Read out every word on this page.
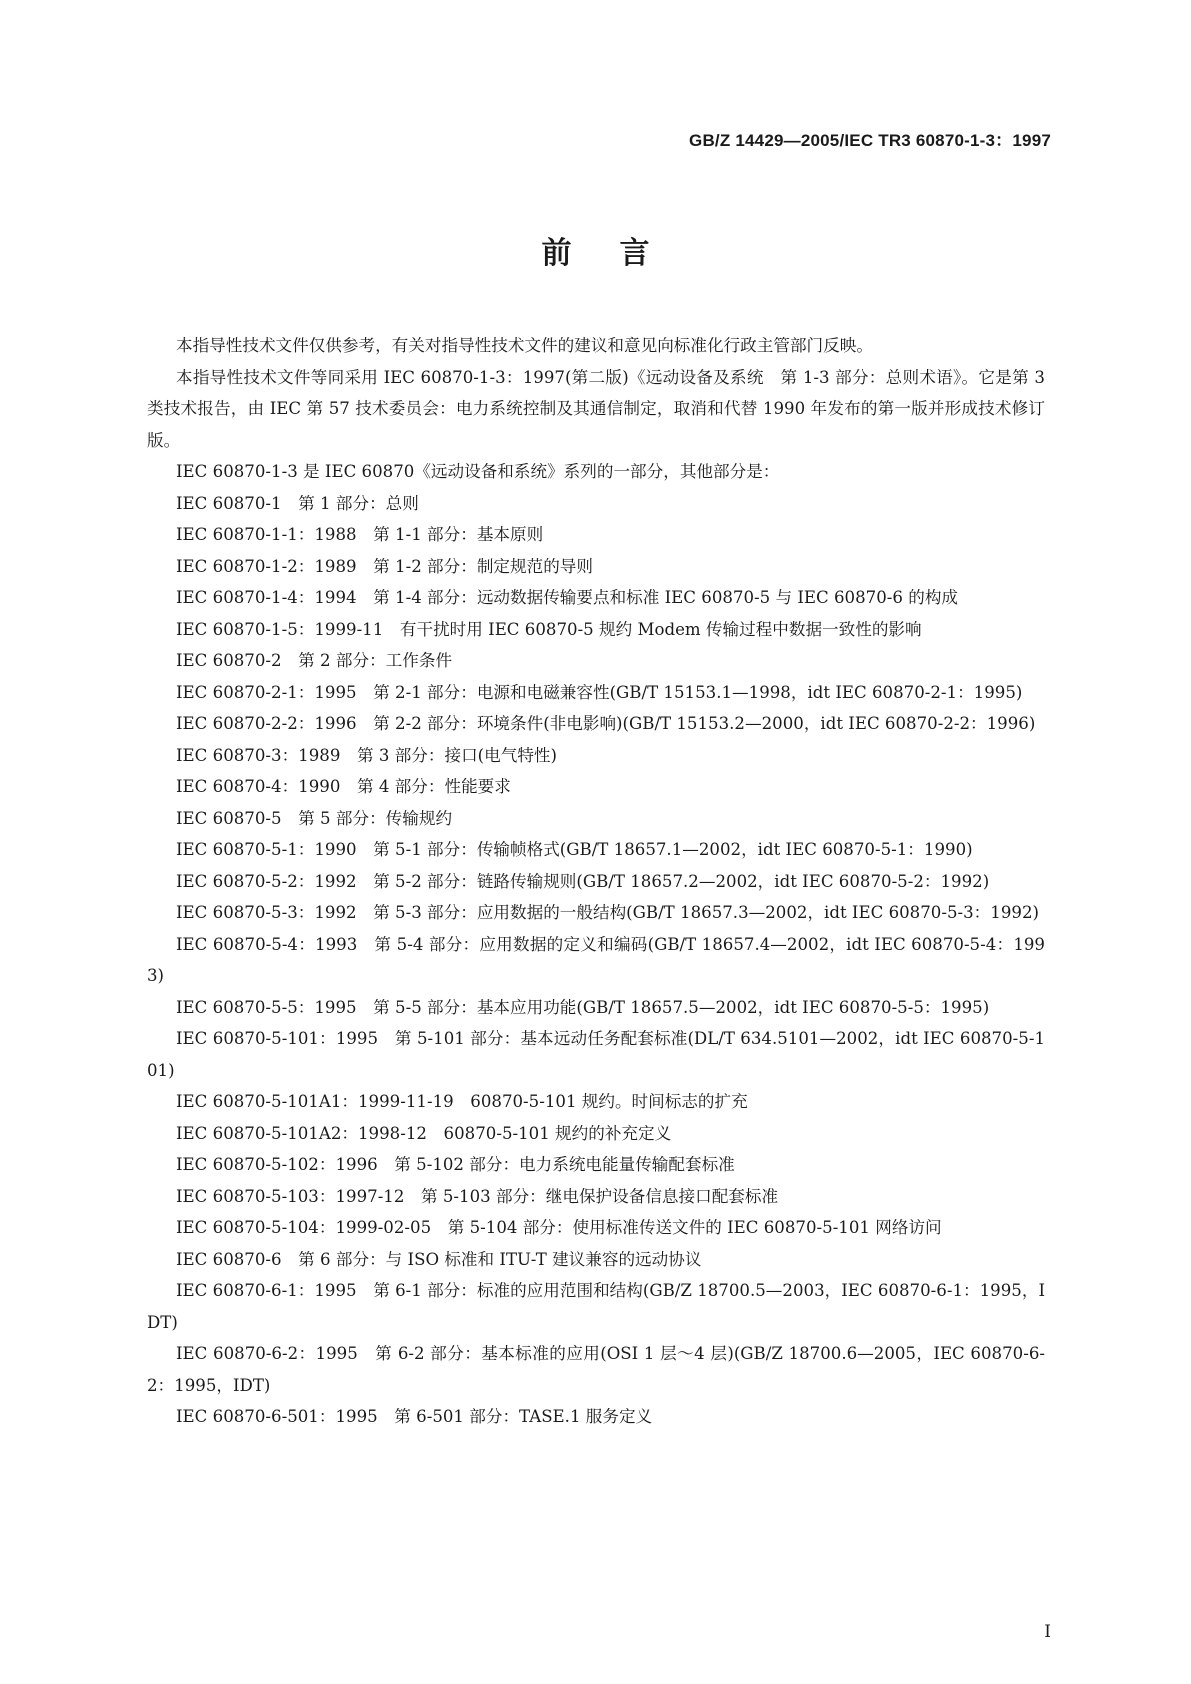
GB/Z 14429—2005/IEC TR3 60870-1-3：1997
前言

本指导性技术文件仅供参考，有关对指导性技术文件的建议和意见向标准化行政主管部门反映。

本指导性技术文件等同采用 IEC 60870-1-3：1997(第二版)《远动设备及系统　第 1-3 部分：总则术语》。它是第 3 类技术报告，由 IEC 第 57 技术委员会：电力系统控制及其通信制定，取消和代替 1990 年发布的第一版并形成技术修订版。

IEC 60870-1-3 是 IEC 60870《远动设备和系统》系列的一部分，其他部分是：

IEC 60870-1　第 1 部分：总则

IEC 60870-1-1：1988　第 1-1 部分：基本原则

IEC 60870-1-2：1989　第 1-2 部分：制定规范的导则

IEC 60870-1-4：1994　第 1-4 部分：远动数据传输要点和标准 IEC 60870-5 与 IEC 60870-6 的构成

IEC 60870-1-5：1999-11　有干扰时用 IEC 60870-5 规约 Modem 传输过程中数据一致性的影响

IEC 60870-2　第 2 部分：工作条件

IEC 60870-2-1：1995　第 2-1 部分：电源和电磁兼容性(GB/T 15153.1—1998，idt IEC 60870-2-1：1995)

IEC 60870-2-2：1996　第 2-2 部分：环境条件(非电影响)(GB/T 15153.2—2000，idt IEC 60870-2-2：1996)

IEC 60870-3：1989　第 3 部分：接口(电气特性)

IEC 60870-4：1990　第 4 部分：性能要求

IEC 60870-5　第 5 部分：传输规约

IEC 60870-5-1：1990　第 5-1 部分：传输帧格式(GB/T 18657.1—2002，idt IEC 60870-5-1：1990)

IEC 60870-5-2：1992　第 5-2 部分：链路传输规则(GB/T 18657.2—2002，idt IEC 60870-5-2：1992)

IEC 60870-5-3：1992　第 5-3 部分：应用数据的一般结构(GB/T 18657.3—2002，idt IEC 60870-5-3：1992)

IEC 60870-5-4：1993　第 5-4 部分：应用数据的定义和编码(GB/T 18657.4—2002，idt IEC 60870-5-4：1993)

IEC 60870-5-5：1995　第 5-5 部分：基本应用功能(GB/T 18657.5—2002，idt IEC 60870-5-5：1995)

IEC 60870-5-101：1995　第 5-101 部分：基本远动任务配套标准(DL/T 634.5101—2002，idt IEC 60870-5-101)

IEC 60870-5-101A1：1999-11-19　60870-5-101 规约。时间标志的扩充

IEC 60870-5-101A2：1998-12　60870-5-101 规约的补充定义

IEC 60870-5-102：1996　第 5-102 部分：电力系统电能量传输配套标准

IEC 60870-5-103：1997-12　第 5-103 部分：继电保护设备信息接口配套标准

IEC 60870-5-104：1999-02-05　第 5-104 部分：使用标准传送文件的 IEC 60870-5-101 网络访问

IEC 60870-6　第 6 部分：与 ISO 标准和 ITU-T 建议兼容的远动协议

IEC 60870-6-1：1995　第 6-1 部分：标准的应用范围和结构(GB/Z 18700.5—2003，IEC 60870-6-1：1995，IDT)

IEC 60870-6-2：1995　第 6-2 部分：基本标准的应用(OSI 1 层～4 层)(GB/Z 18700.6—2005，IEC 60870-6-2：1995，IDT)

IEC 60870-6-501：1995　第 6-501 部分：TASE.1 服务定义

I
